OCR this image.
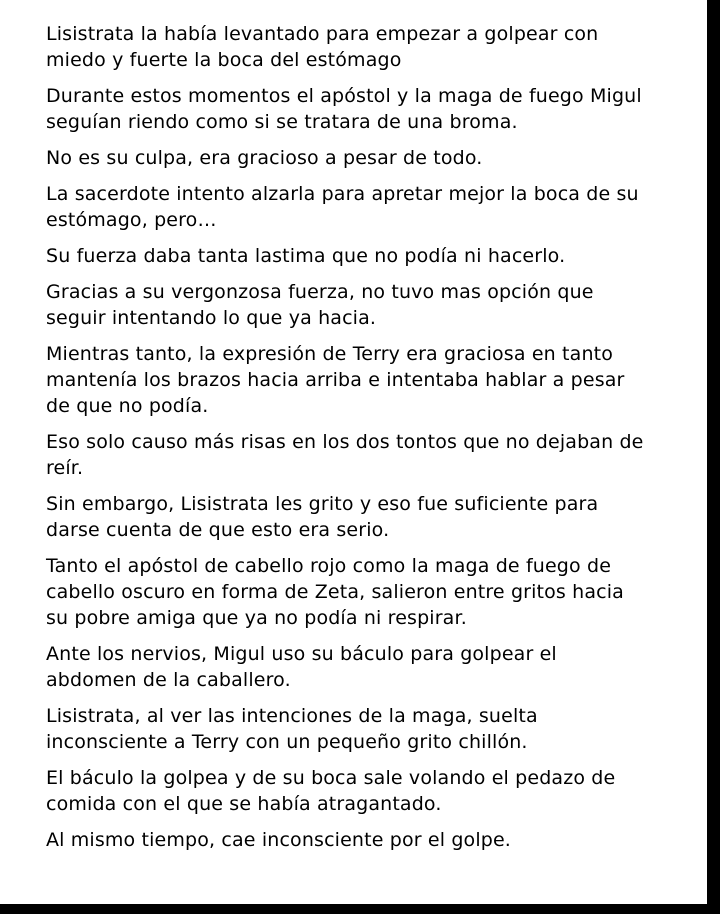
Lisistrata la había levantado para empezar a golpear con
miedo y fuerte la boca del estómago

Durante estos momentos el apóstol y la maga de fuego Migul
seguían riendo como si se tratara de una broma.

No es su culpa, era gracioso a pesar de todo.

La sacerdote intento alzarla para apretar mejor la boca de su
estómago, pero…

Su fuerza daba tanta lastima que no podía ni hacerlo.

Gracias a su vergonzosa fuerza, no tuvo mas opción que
seguir intentando lo que ya hacia.

Mientras tanto, la expresión de Terry era graciosa en tanto
mantenía los brazos hacia arriba e intentaba hablar a pesar
de que no podía.

Eso solo causo más risas en los dos tontos que no dejaban de
reír.

Sin embargo, Lisistrata les grito y eso fue suficiente para
darse cuenta de que esto era serio.

Tanto el apóstol de cabello rojo como la maga de fuego de
cabello oscuro en forma de Zeta, salieron entre gritos hacia
su pobre amiga que ya no podía ni respirar.

Ante los nervios, Migul uso su báculo para golpear el
abdomen de la caballero.

Lisistrata, al ver las intenciones de la maga, suelta
inconsciente a Terry con un pequeño grito chillón.

El báculo la golpea y de su boca sale volando el pedazo de
comida con el que se había atragantado.

Al mismo tiempo, cae inconsciente por el golpe.
